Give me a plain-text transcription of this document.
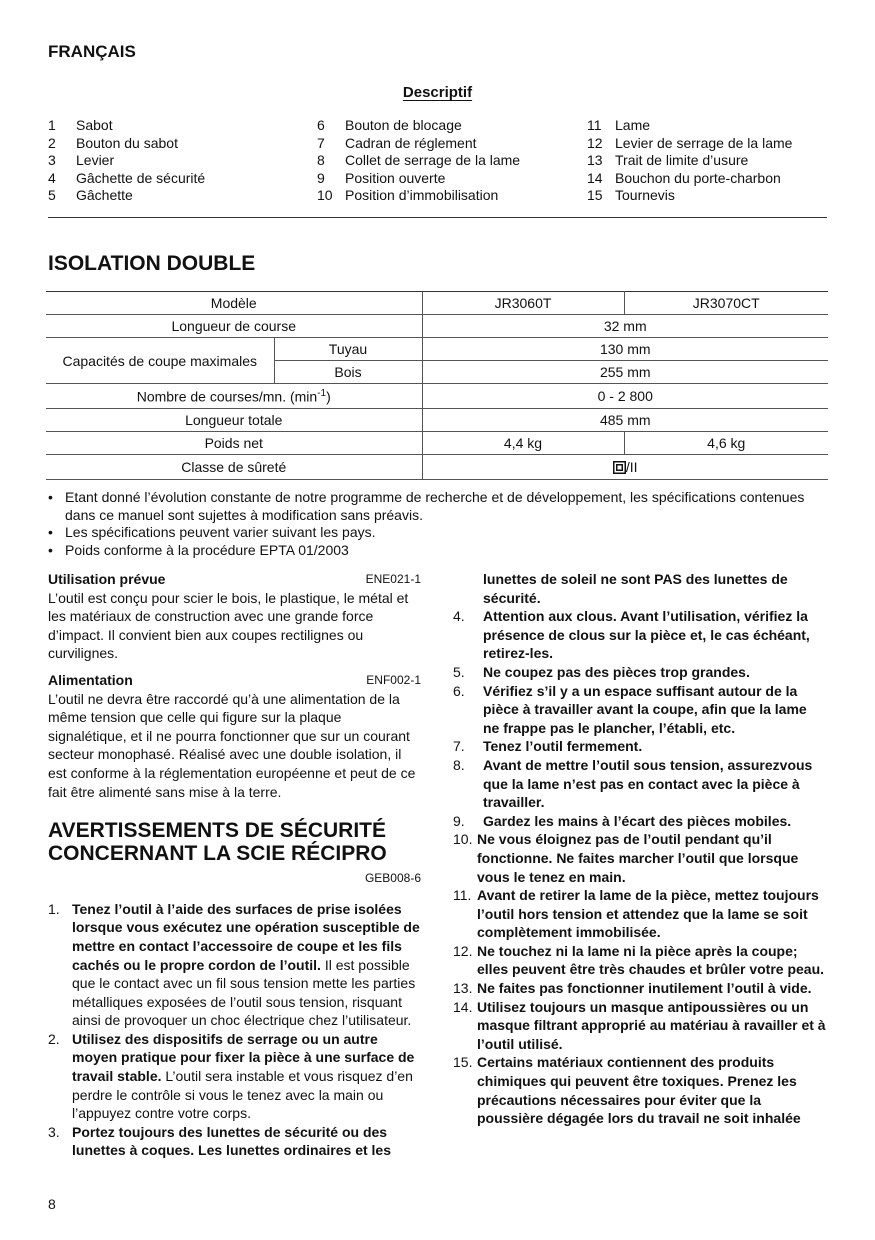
FRANÇAIS
Descriptif
1	Sabot
2	Bouton du sabot
3	Levier
4	Gâchette de sécurité
5	Gâchette
6	Bouton de blocage
7	Cadran de réglement
8	Collet de serrage de la lame
9	Position ouverte
10 Position d’immobilisation
11 Lame
12 Levier de serrage de la lame
13 Trait de limite d’usure
14 Bouchon du porte-charbon
15 Tournevis
ISOLATION DOUBLE
Modèle		JR3060T	JR3070CT
Longueur de course		32 mm	
Capacités de coupe maximales	Tuyau	130 mm	
	Bois	255 mm	
Nombre de courses/mn. $(\min^{-1})$		0 - 2 800	
Longueur totale		485 mm	
Poids net		4,4 kg	4,6 kg
Classe de sûreté		/II	
• Etant donné l’évolution constante de notre programme de recherche et de développement, les spécifications contenues dans ce manuel sont sujettes à modification sans préavis.
• Les spécifications peuvent varier suivant les pays.
• Poids conforme à la procédure EPTA 01/2003
Utilisation prévue	ENE021-1
L’outil est conçu pour scier le bois, le plastique, le métal et les matériaux de construction avec une grande force d’impact. Il convient bien aux coupes rectilignes ou curvilignes.
Alimentation	ENF002-1
L’outil ne devra être raccordé qu’à une alimentation de la même tension que celle qui figure sur la plaque signalétique, et il ne pourra fonctionner que sur un courant secteur monophasé. Réalisé avec une double isolation, il est conforme à la réglementation européenne et peut de ce fait être alimenté sans mise à la terre.
AVERTISSEMENTS DE SÉCURITÉ
CONCERNANT LA SCIE RÉCIPRO
GEB008-6
1. Tenez l’outil à l’aide des surfaces de prise isolées lorsque vous exécutez une opération susceptible de mettre en contact l’accessoire de coupe et les fils cachés ou le propre cordon de l’outil. Il est possible que le contact avec un fil sous tension mette les parties métalliques exposées de l’outil sous tension, risquant ainsi de provoquer un choc électrique chez l’utilisateur.
2. Utilisez des dispositifs de serrage ou un autre moyen pratique pour fixer la pièce à une surface de travail stable. L’outil sera instable et vous risquez d’en perdre le contrôle si vous le tenez avec la main ou l’appuyez contre votre corps.
3. Portez toujours des lunettes de sécurité ou des lunettes à coques. Les lunettes ordinaires et les
lunettes de soleil ne sont PAS des lunettes de sécurité.
4.	Attention aux clous. Avant l’utilisation, vérifiez la présence de clous sur la pièce et, le cas échéant, retirez-les.
5.	Ne coupez pas des pièces trop grandes.
6.	Vérifiez s’il y a un espace suffisant autour de la pièce à travailler avant la coupe, afin que la lame ne frappe pas le plancher, l’établi, etc.
7.	Tenez l’outil fermement.
8.	Avant de mettre l’outil sous tension, assurezvous que la lame n’est pas en contact avec la pièce à travailler.
9.	Gardez les mains à l’écart des pièces mobiles.
10. Ne vous éloignez pas de l’outil pendant qu’il fonctionne. Ne faites marcher l’outil que lorsque vous le tenez en main.
11. Avant de retirer la lame de la pièce, mettez toujours l’outil hors tension et attendez que la lame se soit complètement immobilisée.
12. Ne touchez ni la lame ni la pièce après la coupe; elles peuvent être très chaudes et brûler votre peau.
13. Ne faites pas fonctionner inutilement l’outil à vide.
14. Utilisez toujours un masque antipoussières ou un masque filtrant approprié au matériau à ravailler et à l’outil utilisé.
15. Certains matériaux contiennent des produits chimiques qui peuvent être toxiques. Prenez les précautions nécessaires pour éviter que la poussière dégagée lors du travail ne soit inhalée
8
